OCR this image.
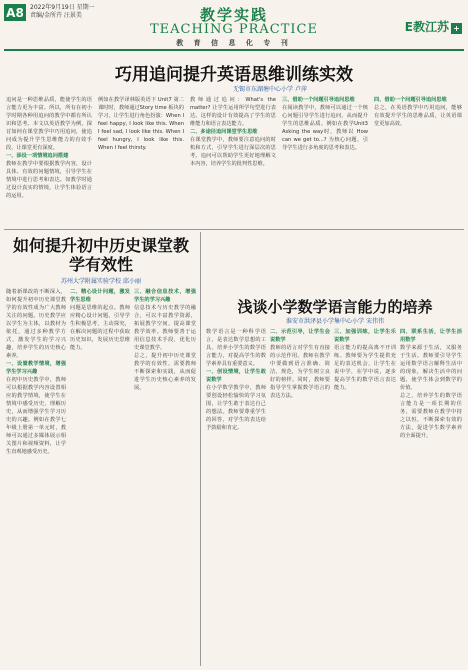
A8	2022年9月19日 星期一
责编/金所卉 汪景美	教学实践
TEACHING PRACTICE
教 育 信 息 化 专 刊
E教江苏 +
巧用追问提升英语思维训练实效
无锡市东湖塘中心小学 卢萍
追问是一种思维品质，能使学生的语言能力更为丰富。所以，所有在初小学时期各种用追问的教学中都有所认识和思考。本文以英语教学为例，探讨如何在课堂教学中巧用追问，使追问成为提升学生思维能力的有效手段，让课堂更有深度。
一、添设一项情境追问搭建
教师在教学中要根据教学内容，设计具体、有效的问题情境，引导学生在情境中进行思考和表达。如教学时通过设计真实的情境，让学生体验语言的运用。
例如在教学译林版英语下 Unit7 第二课时时，教师通过Story time 板块的学习，让学生进行角色扮演：When I feel happy, I look like this. When I feel sad, I look like this. When I feel hungry, I look like this. When I feel thirsty.
教师通过追问：What's the matter? 让学生运用所学句型进行表达。这样的设计有效提高了学生的思维能力和语言表达能力。
二、多途径追问课堂学生思维
在课堂教学中，教师要注意追问的时机和方式，引导学生进行深层次的思考。追问可以帮助学生更好地理解文本内容，培养学生的批判性思维。
三、借助一个问题引导追问思维
在阅读教学中，教师可以通过一个核心问题引导学生进行追问，从而提升学生的思维品质。例如在教学Unit3 Asking the way时，教师以 How can we get to...? 为核心问题，引导学生进行多角度的思考和表达。
四、借助一个问题引导追问思维
总之，在英语教学中巧用追问，能够有效提升学生的思维品质，让英语课堂更加高效。
如何提升初中历史课堂教学有效性
苏州大学附属实验学校 邱小丽
随着新课改的不断深入，如何提升初中历史课堂教学的有效性成为广大教师关注的问题。历史教学应以学生为主体，以教材为依托，通过多种教学方式，激发学生的学习兴趣，培养学生的历史核心素养。
一、设置教学情境，增强学生学习兴趣
在初中历史教学中，教师可以根据教学内容设置相应的教学情境，使学生在情境中感受历史，理解历史，从而增强学生学习历史的兴趣。例如在教学七年级上册第一单元时，教师可以通过多媒体展示相关图片和视频资料，让学生直观地感受历史。
二、精心设计问题，激发学生思维
问题是思维的起点。教师应精心设计问题，引导学生积极思考，主动探究，在解决问题的过程中获取历史知识，发展历史思维能力。
三、融合信息技术，增强学生的学习兴趣
信息技术与历史教学的融合，可以丰富教学资源，拓展教学空间，提高课堂教学效率。教师要善于运用信息技术手段，优化历史课堂教学。
总之，提升初中历史课堂教学的有效性，需要教师不断探索和实践，从而促进学生历史核心素养的发展。
浅谈小学数学语言能力的培养
淮安市洪泽县小学集中心小学 宋伟伟
数学语言是一种科学语言，是表达数学思想的工具。培养小学生的数学语言能力，对提高学生的数学素养具有重要意义。
一、创设情境，让学生敢说数学
在小学数学教学中，教师要创设轻松愉快的学习氛围，让学生敢于表达自己的想法。教师要尊重学生的回答，对学生的表达给予鼓励和肯定。
二、示范引导，让学生会说数学
教师的语言对学生有直接的示范作用。教师在教学中要做到语言准确、简洁、规范，为学生树立良好的榜样。同时，教师要指导学生掌握数学语言的表达方法。
三、加强训练，让学生乐说数学
语言能力的提高离不开训练。教师要为学生提供充足的表达机会，让学生在说中学，在学中说，逐步提高学生的数学语言表达能力。
四、联系生活，让学生活用数学
数学来源于生活，又服务于生活。教师要引导学生运用数学语言解释生活中的现象，解决生活中的问题，使学生体会到数学的价值。
总之，培养学生的数学语言能力是一项长期的任务，需要教师在教学中持之以恒，不断探索有效的方法，促进学生数学素养的全面提升。
